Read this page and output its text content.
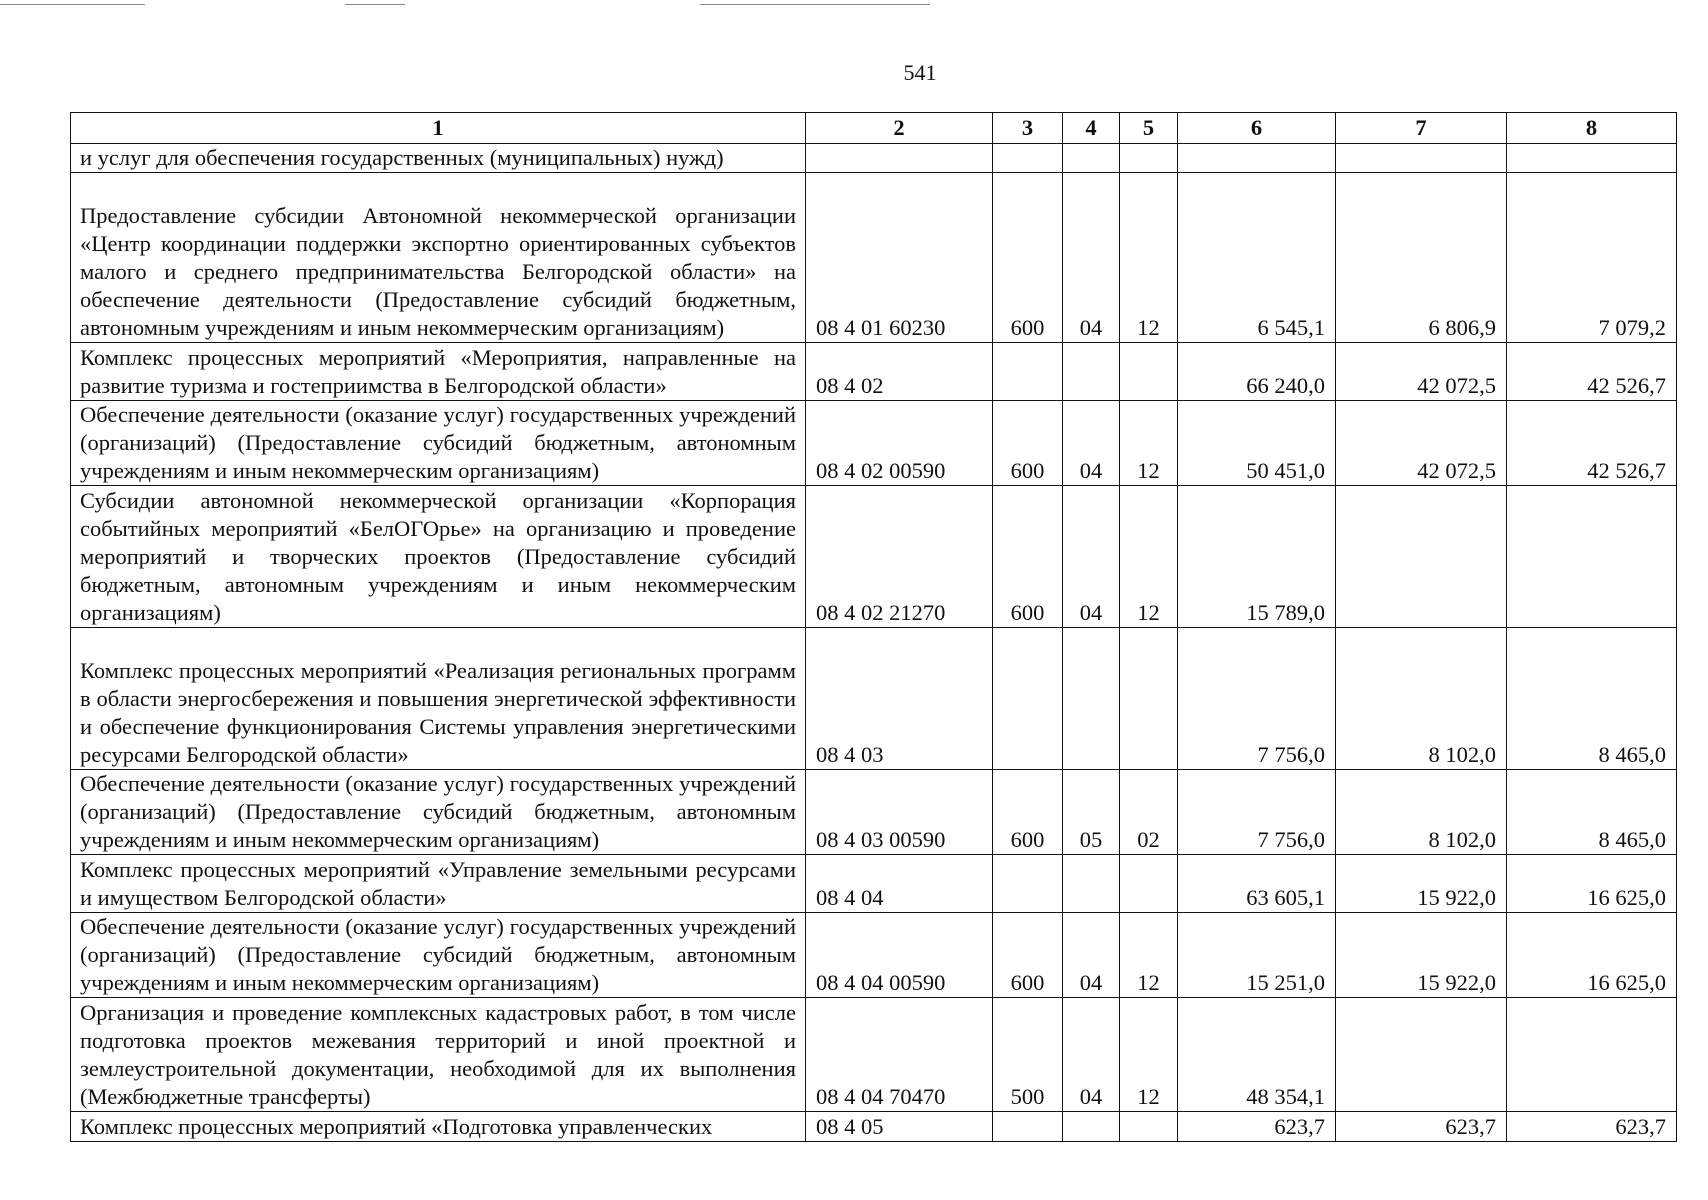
541
1	2	3	4	5	6	7	8
и услуг для обеспечения государственных (муниципальных) нужд)							
Предоставление субсидии Автономной некоммерческой организации «Центр координации поддержки экспортно ориентированных субъектов малого и среднего предпринимательства Белгородской области» на обеспечение деятельности (Предоставление субсидий бюджетным, автономным учреждениям и иным некоммерческим организациям)	08 4 01 60230	600	04	12	6 545,1	6 806,9	7 079,2
Комплекс процессных мероприятий «Мероприятия, направленные на развитие туризма и гостеприимства в Белгородской области»	08 4 02				66 240,0	42 072,5	42 526,7
Обеспечение деятельности (оказание услуг) государственных учреждений (организаций) (Предоставление субсидий бюджетным, автономным учреждениям и иным некоммерческим организациям)	08 4 02 00590	600	04	12	50 451,0	42 072,5	42 526,7
Субсидии автономной некоммерческой организации «Корпорация событийных мероприятий «БелОГОрье» на организацию и проведение мероприятий и творческих проектов (Предоставление субсидий бюджетным, автономным учреждениям и иным некоммерческим организациям)	08 4 02 21270	600	04	12	15 789,0		
Комплекс процессных мероприятий «Реализация региональных программ в области энергосбережения и повышения энергетической эффективности и обеспечение функционирования Системы управления энергетическими ресурсами Белгородской области»	08 4 03				7 756,0	8 102,0	8 465,0
Обеспечение деятельности (оказание услуг) государственных учреждений (организаций) (Предоставление субсидий бюджетным, автономным учреждениям и иным некоммерческим организациям)	08 4 03 00590	600	05	02	7 756,0	8 102,0	8 465,0
Комплекс процессных мероприятий «Управление земельными ресурсами и имуществом Белгородской области»	08 4 04				63 605,1	15 922,0	16 625,0
Обеспечение деятельности (оказание услуг) государственных учреждений (организаций) (Предоставление субсидий бюджетным, автономным учреждениям и иным некоммерческим организациям)	08 4 04 00590	600	04	12	15 251,0	15 922,0	16 625,0
Организация и проведение комплексных кадастровых работ, в том числе подготовка проектов межевания территорий и иной проектной и землеустроительной документации, необходимой для их выполнения (Межбюджетные трансферты)	08 4 04 70470	500	04	12	48 354,1		
Комплекс процессных мероприятий «Подготовка управленческих	08 4 05				623,7	623,7	623,7
